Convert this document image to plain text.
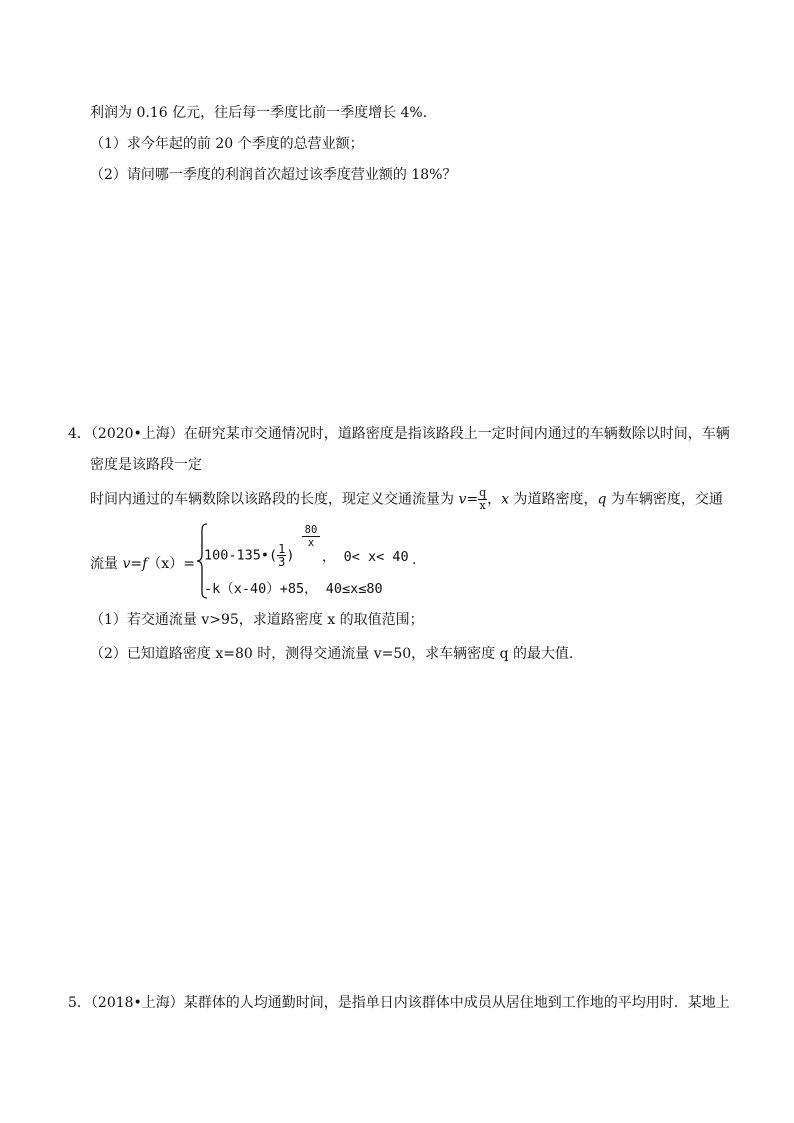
利润为 0.16 亿元，往后每一季度比前一季度增长 4%．
（1）求今年起的前 20 个季度的总营业额；
（2）请问哪一季度的利润首次超过该季度营业额的 18%？
4．（2020•上海）在研究某市交通情况时，道路密度是指该路段上一定时间内通过的车辆数除以时间，车辆
密度是该路段一定
时间内通过的车辆数除以该路段的长度，现定义交通流量为 $v= \frac{q}{x}$ ，x 为道路密度，q 为车辆密度，交通
流量 v=f（x）=
100-135•( $\frac{1}{3}$ )
$\frac{80}{x}$
， 0< x< 40
-k（x-40）+85， 40≤x≤80
.
（1）若交通流量 v>95，求道路密度 x 的取值范围；
（2）已知道路密度 x=80 时，测得交通流量 v=50，求车辆密度 q 的最大值．
5．（2018•上海）某群体的人均通勤时间，是指单日内该群体中成员从居住地到工作地的平均用时．某地上
